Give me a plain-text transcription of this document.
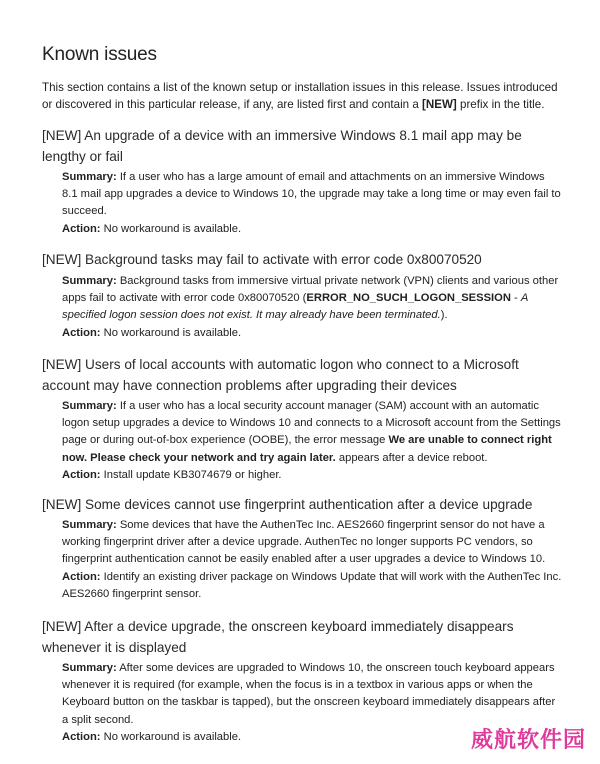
Known issues

This section contains a list of the known setup or installation issues in this release. Issues introduced or discovered in this particular release, if any, are listed first and contain a [NEW] prefix in the title.

[NEW] An upgrade of a device with an immersive Windows 8.1 mail app may be lengthy or fail

Summary: If a user who has a large amount of email and attachments on an immersive Windows 8.1 mail app upgrades a device to Windows 10, the upgrade may take a long time or may even fail to succeed.
Action: No workaround is available.

[NEW] Background tasks may fail to activate with error code 0x80070520

Summary: Background tasks from immersive virtual private network (VPN) clients and various other apps fail to activate with error code 0x80070520 (ERROR_NO_SUCH_LOGON_SESSION - A specified logon session does not exist. It may already have been terminated.).
Action: No workaround is available.

[NEW] Users of local accounts with automatic logon who connect to a Microsoft account may have connection problems after upgrading their devices

Summary: If a user who has a local security account manager (SAM) account with an automatic logon setup upgrades a device to Windows 10 and connects to a Microsoft account from the Settings page or during out-of-box experience (OOBE), the error message We are unable to connect right now. Please check your network and try again later. appears after a device reboot.
Action: Install update KB3074679 or higher.

[NEW] Some devices cannot use fingerprint authentication after a device upgrade

Summary: Some devices that have the AuthenTec Inc. AES2660 fingerprint sensor do not have a working fingerprint driver after a device upgrade. AuthenTec no longer supports PC vendors, so fingerprint authentication cannot be easily enabled after a user upgrades a device to Windows 10.
Action: Identify an existing driver package on Windows Update that will work with the AuthenTec Inc. AES2660 fingerprint sensor.

[NEW] After a device upgrade, the onscreen keyboard immediately disappears whenever it is displayed

Summary: After some devices are upgraded to Windows 10, the onscreen touch keyboard appears whenever it is required (for example, when the focus is in a textbox in various apps or when the Keyboard button on the taskbar is tapped), but the onscreen keyboard immediately disappears after a split second.
Action: No workaround is available.	威航软件园
